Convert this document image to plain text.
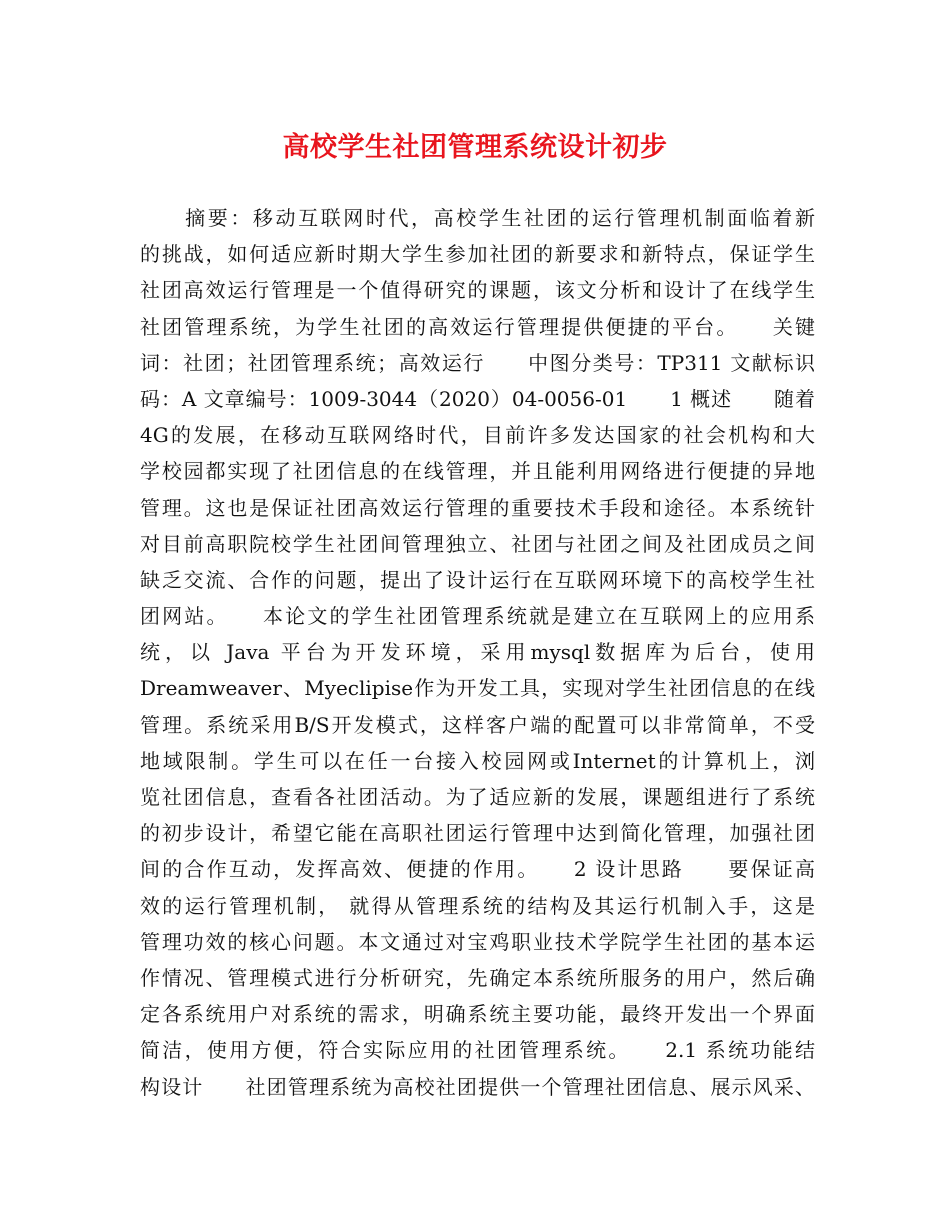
高校学生社团管理系统设计初步
　　摘要：移动互联网时代，高校学生社团的运行管理机制面临着新
的挑战，如何适应新时期大学生参加社团的新要求和新特点，保证学生
社团高效运行管理是一个值得研究的课题，该文分析和设计了在线学生
社团管理系统，为学生社团的高效运行管理提供便捷的平台。　　关键
词：社团；社团管理系统；高效运行　　中图分类号：TP311 文献标识
码：A 文章编号：1009-3044（2020）04-0056-01　　1 概述　　随着
4G的发展，在移动互联网络时代，目前许多发达国家的社会机构和大
学校园都实现了社团信息的在线管理，并且能利用网络进行便捷的异地
管理。这也是保证社团高效运行管理的重要技术手段和途径。本系统针
对目前高职院校学生社团间管理独立、社团与社团之间及社团成员之间
缺乏交流、合作的问题，提出了设计运行在互联网环境下的高校学生社
团网站。　　本论文的学生社团管理系统就是建立在互联网上的应用系
统，以 Java 平台为开发环境，采用mysql数据库为后台，使用
Dreamweaver、Myeclipise作为开发工具，实现对学生社团信息的在线
管理。系统采用B/S开发模式，这样客户端的配置可以非常简单，不受
地域限制。学生可以在任一台接入校园网或Internet的计算机上，浏
览社团信息，查看各社团活动。为了适应新的发展，课题组进行了系统
的初步设计，希望它能在高职社团运行管理中达到简化管理，加强社团
间的合作互动，发挥高效、便捷的作用。　　2 设计思路　　要保证高
效的运行管理机制， 就得从管理系统的结构及其运行机制入手，这是
管理功效的核心问题。本文通过对宝鸡职业技术学院学生社团的基本运
作情况、管理模式进行分析研究，先确定本系统所服务的用户，然后确
定各系统用户对系统的需求，明确系统主要功能，最终开发出一个界面
简洁，使用方便，符合实际应用的社团管理系统。　　2.1 系统功能结
构设计　　社团管理系统为高校社团提供一个管理社团信息、展示风采、
